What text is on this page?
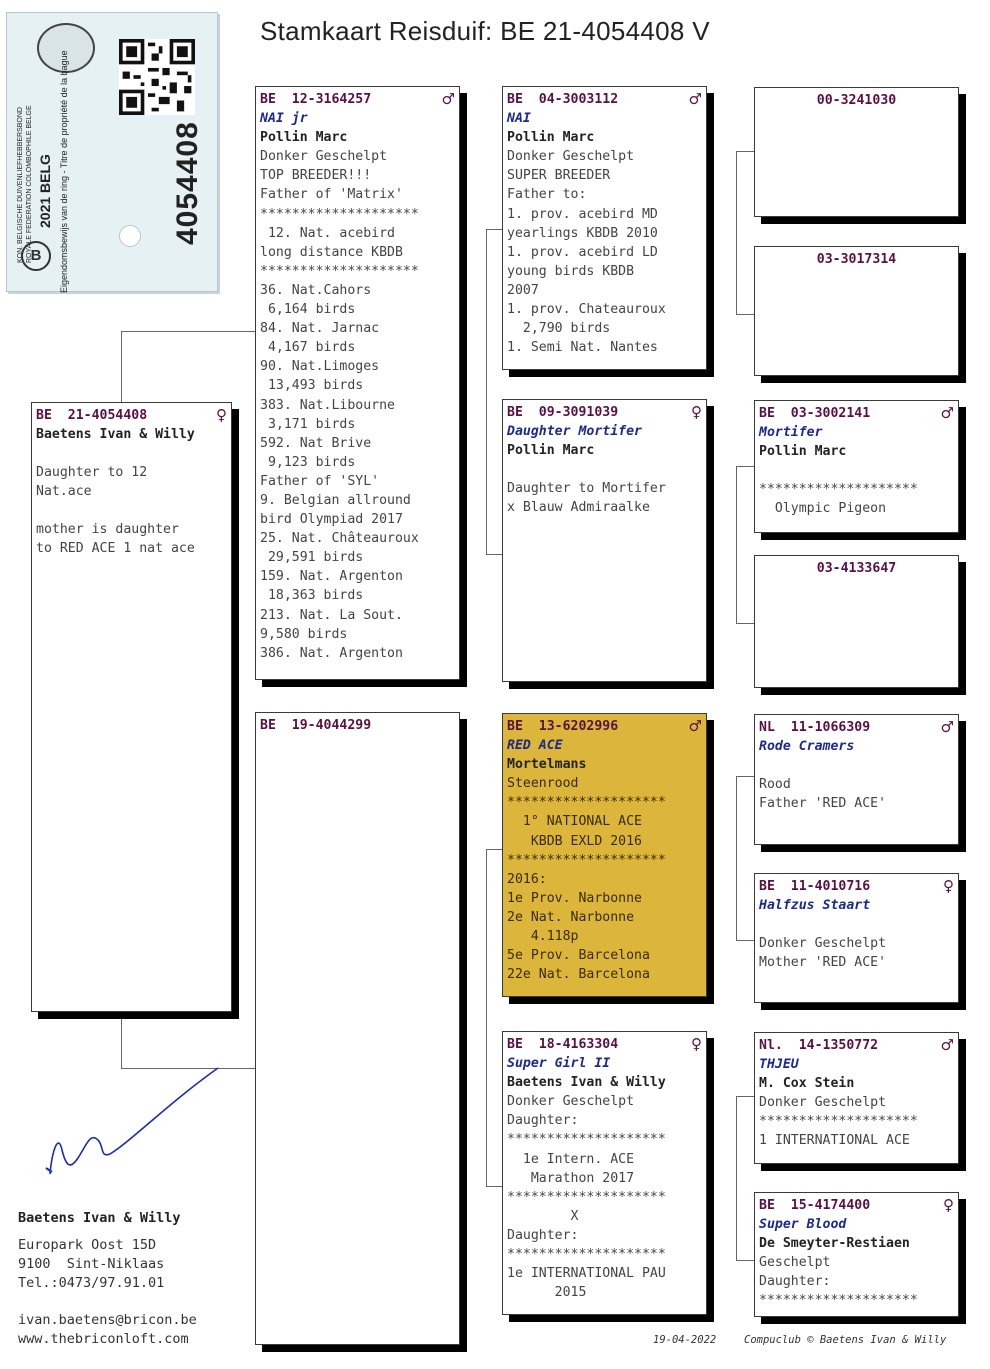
Stamkaart Reisduif: BE 21-4054408 V
KON. BELGISCHE DUIVENLIEFHEBBERSBOND ROYALE FEDERATION COLOMBOPHILE BELGE 2021
BELG Eigendomsbewijs van de ring - Titre de propriété de la bague	4054408
B
BE 21-4054408	♀
Baetens Ivan & Willy
Daughter to 12
Nat.ace
mother is daughter
to RED ACE 1 nat ace
BE 12-3164257	♂
NAI jr
Pollin Marc
Donker Geschelpt
TOP BREEDER!!!
Father of 'Matrix'
********************
12. Nat. acebird
long distance KBDB
********************
36. Nat.Cahors
6,164 birds
84. Nat. Jarnac
4,167 birds
90. Nat.Limoges
13,493 birds
383. Nat.Libourne
3,171 birds
592. Nat Brive
9,123 birds
Father of 'SYL'
9. Belgian allround
bird Olympiad 2017
25. Nat. Châteauroux
29,591 birds
159. Nat. Argenton
18,363 birds
213. Nat. La Sout.
9,580 birds
386. Nat. Argenton
BE 19-4044299
BE 04-3003112	♂
NAI
Pollin Marc
Donker Geschelpt
SUPER BREEDER
Father to:
1. prov. acebird MD
yearlings KBDB 2010
1. prov. acebird LD
young birds KBDB
2007
1. prov. Chateauroux
2,790 birds
1. Semi Nat. Nantes
BE 09-3091039	♀
Daughter Mortifer
Pollin Marc
Daughter to Mortifer
x Blauw Admiraalke
BE 13-6202996	♂
RED ACE
Mortelmans
Steenrood
********************
1° NATIONAL ACE
KBDB EXLD 2016
********************
2016:
1e Prov. Narbonne
2e Nat. Narbonne
4.118p
5e Prov. Barcelona
22e Nat. Barcelona
BE 18-4163304	♀
Super Girl II
Baetens Ivan & Willy
Donker Geschelpt
Daughter:
********************
1e Intern. ACE
Marathon 2017
********************
X
Daughter:
********************
1e INTERNATIONAL PAU
2015
00-3241030
03-3017314
BE 03-3002141	♂
Mortifer
Pollin Marc
********************
Olympic Pigeon
03-4133647
NL 11-1066309	♂
Rode Cramers
Rood
Father 'RED ACE'
BE 11-4010716	♀
Halfzus Staart
Donker Geschelpt
Mother 'RED ACE'
Nl. 14-1350772	♂
THJEU
M. Cox Stein
Donker Geschelpt
********************
1 INTERNATIONAL ACE
BE 15-4174400	♀
Super Blood
De Smeyter-Restiaen
Geschelpt
Daughter:
********************
Baetens Ivan & Willy
Europark Oost 15D
9100  Sint-Niklaas
Tel.:0473/97.91.01
ivan.baetens@bricon.be
www.thebriconloft.com	19-04-2022	Compuclub © Baetens Ivan & Willy
